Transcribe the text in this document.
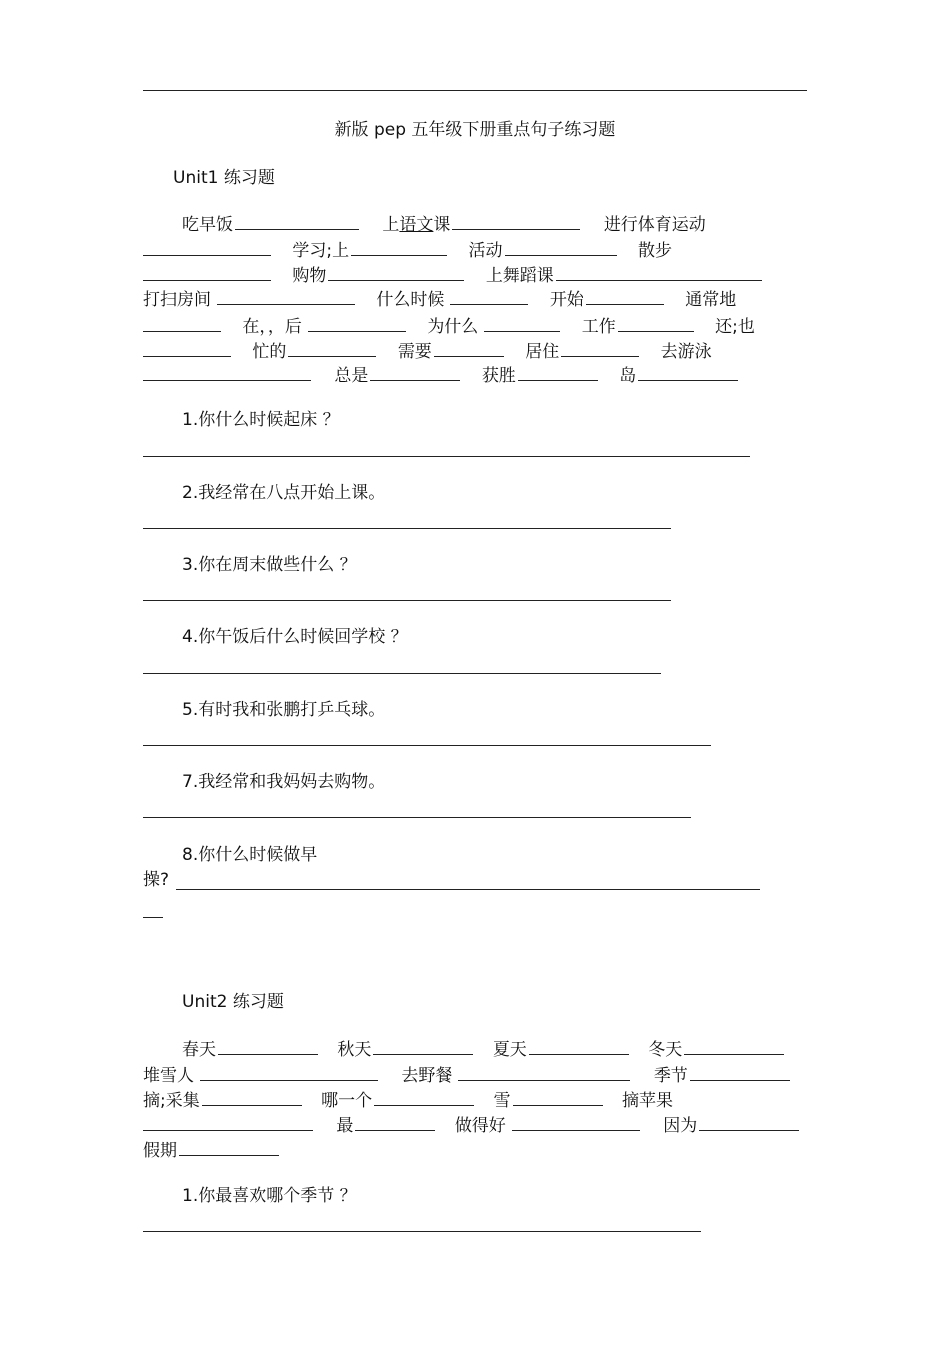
新版 pep 五年级下册重点句子练习题
Unit1 练习题
吃早饭	上语文课	进行体育运动
学习;上	活动	散步
购物	上舞蹈课
打扫房间	什么时候	开始	通常地
在，，后	为什么	工作	还;也
忙的	需要	居住	去游泳
总是	获胜	岛
1.你什么时候起床 ？
2.我经常在八点开始上课。
3.你在周末做些什么 ？
4.你午饭后什么时候回学校 ？
5.有时我和张鹏打乒乓球。
7.我经常和我妈妈去购物。
8.你什么时候做早
操?
Unit2 练习题
春天	秋天	夏天	冬天
堆雪人	去野餐	季节
摘;采集	哪一个	雪	摘苹果
最	做得好	因为
假期
1.你最喜欢哪个季节 ？
